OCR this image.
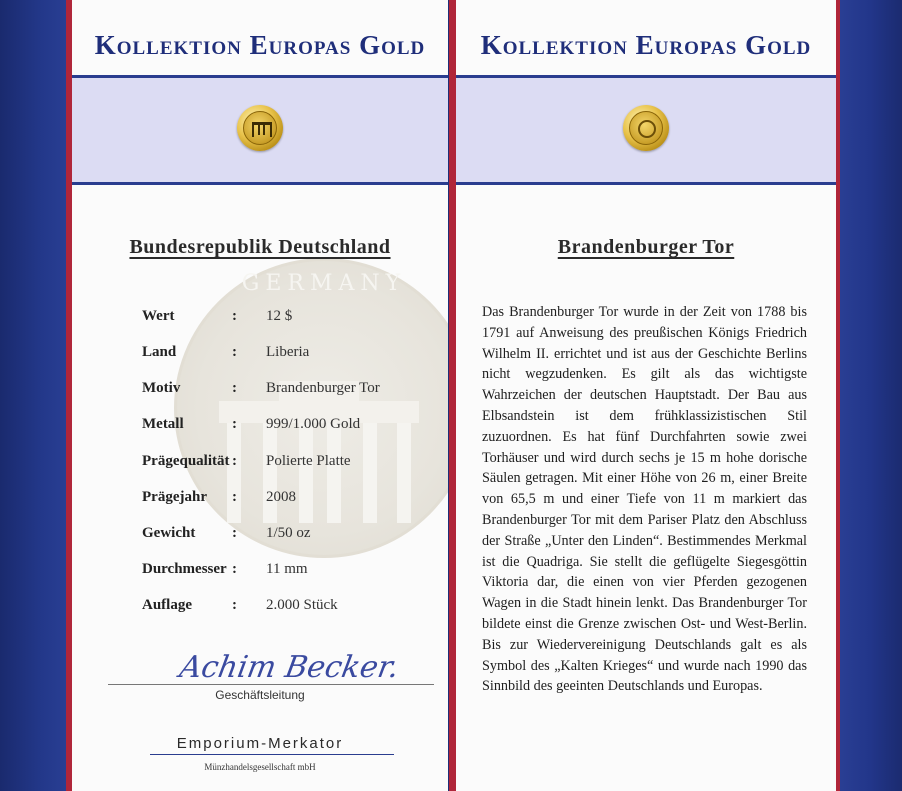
Kollektion Europas Gold
GERMANY
Bundesrepublik Deutschland
Wert	: 12 $
Land	: Liberia
Motiv	: Brandenburger Tor
Metall	: 999/1.000 Gold
Prägequalität : Polierte Platte
Prägejahr : 2008
Gewicht : 1/50 oz
Durchmesser : 11 mm
Auflage	: 2.000 Stück
Achim Becker.
Geschäftsleitung
Emporium-Merkator
Münzhandelsgesellschaft mbH
Kollektion Europas Gold
Brandenburger Tor
Das Brandenburger Tor wurde in der Zeit von 1788 bis 1791 auf Anweisung des preußischen Königs Friedrich Wilhelm II. errichtet und ist aus der Geschichte Berlins nicht wegzudenken. Es gilt als das wichtigste Wahrzeichen der deutschen Hauptstadt. Der Bau aus Elbsandstein ist dem frühklassizistischen Stil zuzuordnen. Es hat fünf Durchfahrten sowie zwei Torhäuser und wird durch sechs je 15 m hohe dorische Säulen getragen. Mit einer Höhe von 26 m, einer Breite von 65,5 m und einer Tiefe von 11 m markiert das Brandenburger Tor mit dem Pariser Platz den Abschluss der Straße „Unter den Linden“. Bestimmendes Merkmal ist die Quadriga. Sie stellt die geflügelte Siegesgöttin Viktoria dar, die einen von vier Pferden gezogenen Wagen in die Stadt hinein lenkt. Das Brandenburger Tor bildete einst die Grenze zwischen Ost- und West-Berlin. Bis zur Wiedervereinigung Deutschlands galt es als Symbol des „Kalten Krieges“ und wurde nach 1990 das Sinnbild des geeinten Deutschlands und Europas.
